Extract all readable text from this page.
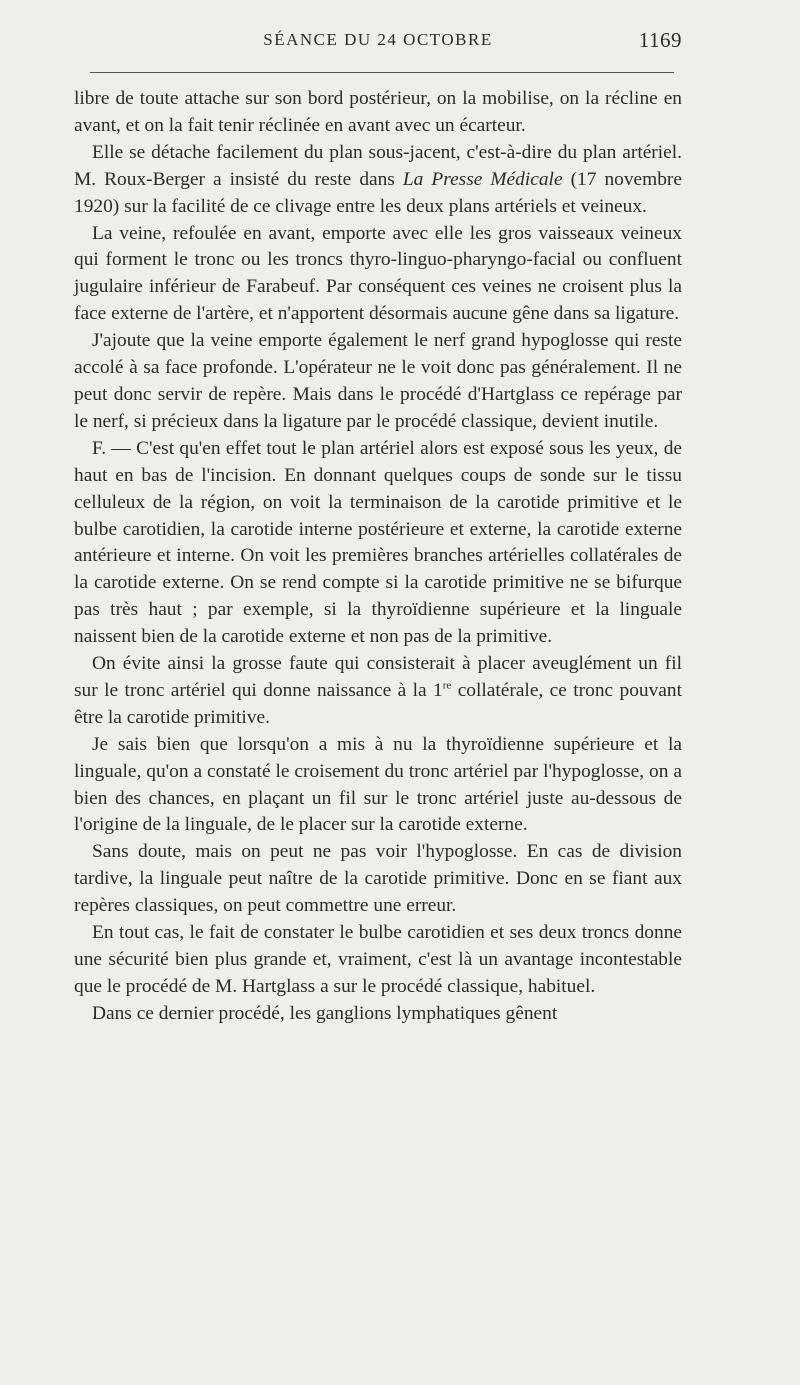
SÉANCE DU 24 OCTOBRE	1169

libre de toute attache sur son bord postérieur, on la mobilise, on la récline en avant, et on la fait tenir réclinée en avant avec un écarteur.

Elle se détache facilement du plan sous-jacent, c'est-à-dire du plan artériel. M. Roux-Berger a insisté du reste dans La Presse Médicale (17 novembre 1920) sur la facilité de ce clivage entre les deux plans artériels et veineux.

La veine, refoulée en avant, emporte avec elle les gros vaisseaux veineux qui forment le tronc ou les troncs thyro-linguo-pharyngo-facial ou confluent jugulaire inférieur de Farabeuf. Par conséquent ces veines ne croisent plus la face externe de l'artère, et n'apportent désormais aucune gêne dans sa ligature.

J'ajoute que la veine emporte également le nerf grand hypoglosse qui reste accolé à sa face profonde. L'opérateur ne le voit donc pas généralement. Il ne peut donc servir de repère. Mais dans le procédé d'Hartglass ce repérage par le nerf, si précieux dans la ligature par le procédé classique, devient inutile.

F. — C'est qu'en effet tout le plan artériel alors est exposé sous les yeux, de haut en bas de l'incision. En donnant quelques coups de sonde sur le tissu celluleux de la région, on voit la terminaison de la carotide primitive et le bulbe carotidien, la carotide interne postérieure et externe, la carotide externe antérieure et interne. On voit les premières branches artérielles collatérales de la carotide externe. On se rend compte si la carotide primitive ne se bifurque pas très haut ; par exemple, si la thyroïdienne supérieure et la linguale naissent bien de la carotide externe et non pas de la primitive.

On évite ainsi la grosse faute qui consisterait à placer aveuglément un fil sur le tronc artériel qui donne naissance à la 1re collatérale, ce tronc pouvant être la carotide primitive.

Je sais bien que lorsqu'on a mis à nu la thyroïdienne supérieure et la linguale, qu'on a constaté le croisement du tronc artériel par l'hypoglosse, on a bien des chances, en plaçant un fil sur le tronc artériel juste au-dessous de l'origine de la linguale, de le placer sur la carotide externe.

Sans doute, mais on peut ne pas voir l'hypoglosse. En cas de division tardive, la linguale peut naître de la carotide primitive. Donc en se fiant aux repères classiques, on peut commettre une erreur.

En tout cas, le fait de constater le bulbe carotidien et ses deux troncs donne une sécurité bien plus grande et, vraiment, c'est là un avantage incontestable que le procédé de M. Hartglass a sur le procédé classique, habituel.

Dans ce dernier procédé, les ganglions lymphatiques gênent
